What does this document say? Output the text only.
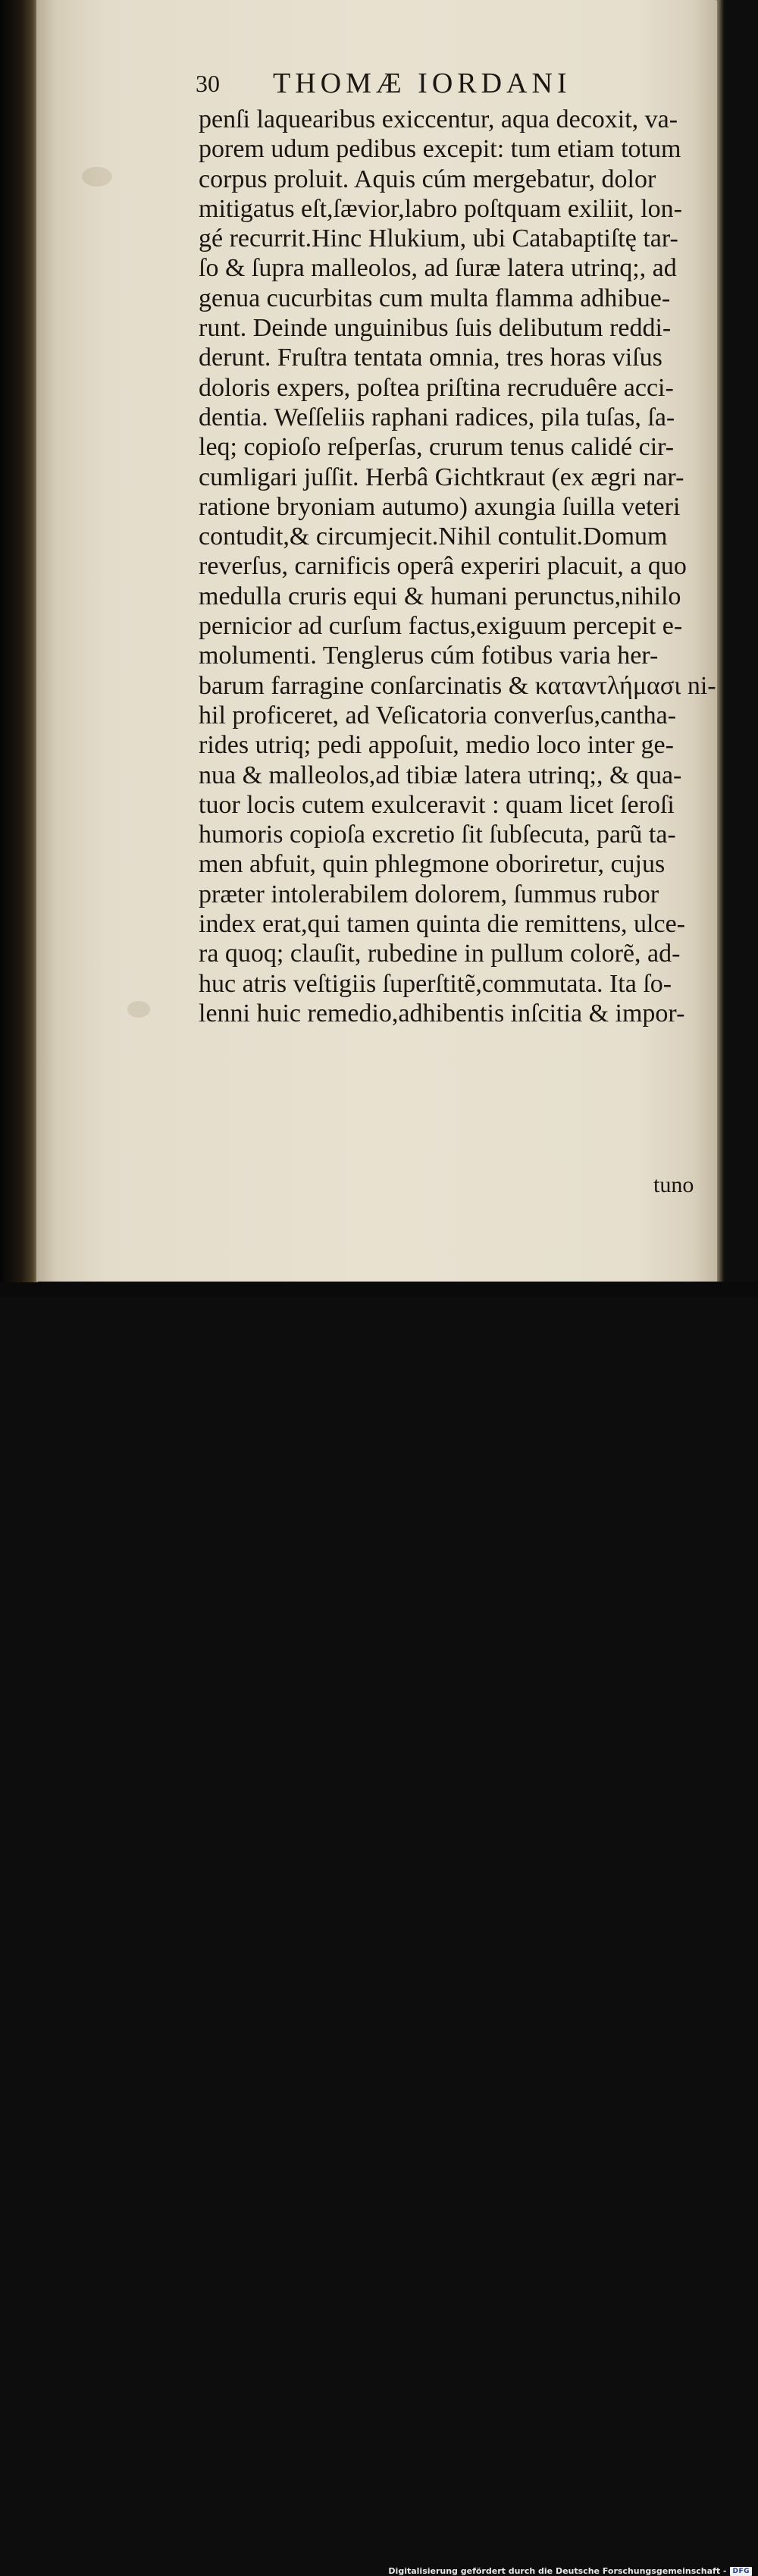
30 THOMÆ IORDANI
penſi laquearibus exiccentur, aqua decoxit, va-
porem udum pedibus excepit: tum etiam totum
corpus proluit. Aquis cúm mergebatur, dolor
mitigatus eſt,ſævior,labro poſtquam exiliit, lon-
gé recurrit.Hinc Hlukium, ubi Catabaptiſtę tar-
ſo & ſupra malleolos, ad ſuræ latera utrinq;, ad
genua cucurbitas cum multa flamma adhibue-
runt. Deinde unguinibus ſuis delibutum reddi-
derunt. Fruſtra tentata omnia, tres horas viſus
doloris expers, poſtea priſtina recruduêre acci-
dentia. Weſſeliis raphani radices, pila tuſas, ſa-
leq; copioſo reſperſas, crurum tenus calidé cir-
cumligari juſſit. Herbâ Gichtkraut (ex ægri nar-
ratione bryoniam autumo) axungia ſuilla veteri
contudit,& circumjecit.Nihil contulit.Domum
reverſus, carnificis operâ experiri placuit, a quo
medulla cruris equi & humani perunctus,nihilo
pernicior ad curſum factus,exiguum percepit e-
molumenti. Tenglerus cúm fotibus varia her-
barum farragine conſarcinatis & καταντλήμασι ni-
hil proficeret, ad Veſicatoria converſus,cantha-
rides utriq; pedi appoſuit, medio loco inter ge-
nua & malleolos,ad tibiæ latera utrinq;, & qua-
tuor locis cutem exulceravit : quam licet ſeroſi
humoris copioſa excretio ſit ſubſecuta, parũ ta-
men abfuit, quin phlegmone oboriretur, cujus
præter intolerabilem dolorem, ſummus rubor
index erat,qui tamen quinta die remittens, ulce-
ra quoq; clauſit, rubedine in pullum colorẽ, ad-
huc atris veſtigiis ſuperſtitẽ,commutata. Ita ſo-
lenni huic remedio,adhibentis inſcitia & impor-
tuno
Digitalisierung gefördert durch die Deutsche Forschungsgemeinschaft - DFG
